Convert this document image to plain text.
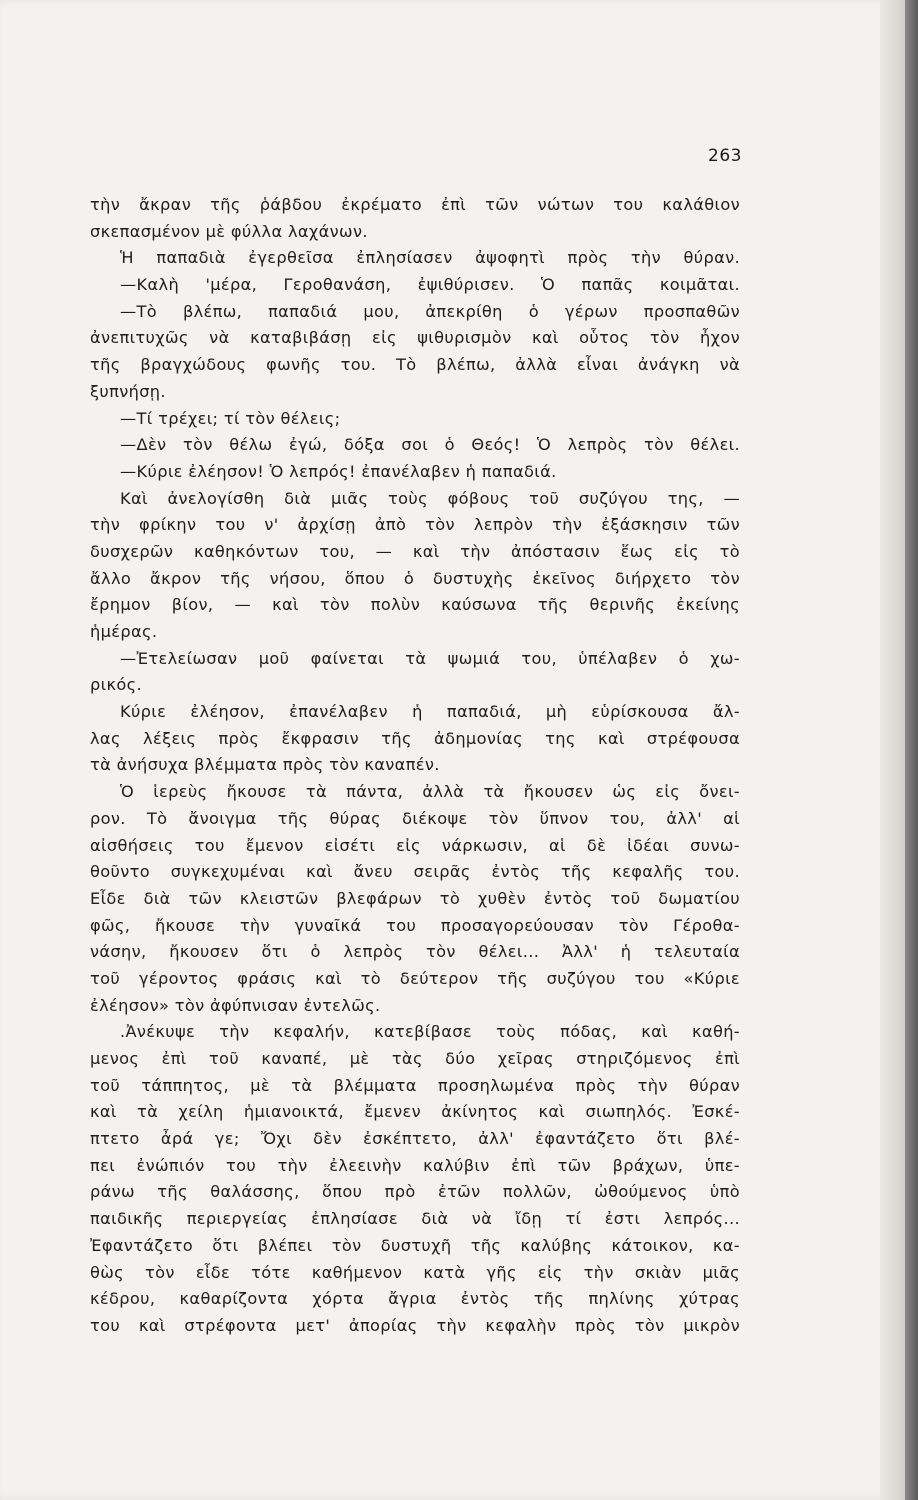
263
τὴν ἄκραν τῆς ῥάβδου ἐκρέματο ἐπὶ τῶν νώτων του καλάθιον
σκεπασμένον μὲ φύλλα λαχάνων.
Ἡ παπαδιὰ ἐγερθεῖσα ἐπλησίασεν ἀψοφητὶ πρὸς τὴν θύραν.
—Καλὴ 'μέρα, Γεροθανάση, ἐψιθύρισεν. Ὁ παπᾶς κοιμᾶται.
—Τὸ βλέπω, παπαδιά μου, ἀπεκρίθη ὁ γέρων προσπαθῶν
ἀνεπιτυχῶς νὰ καταβιβάσῃ εἰς ψιθυρισμὸν καὶ οὗτος τὸν ἦχον
τῆς βραγχώδους φωνῆς του. Τὸ βλέπω, ἀλλὰ εἶναι ἀνάγκη νὰ
ξυπνήσῃ.
—Τί τρέχει; τί τὸν θέλεις;
—Δὲν τὸν θέλω ἐγώ, δόξα σοι ὁ Θεός! Ὁ λεπρὸς τὸν θέλει.
—Κύριε ἐλέησον! Ὁ λεπρός! ἐπανέλαβεν ἡ παπαδιά.
Καὶ ἀνελογίσθη διὰ μιᾶς τοὺς φόβους τοῦ συζύγου της, —
τὴν φρίκην του ν' ἀρχίσῃ ἀπὸ τὸν λεπρὸν τὴν ἐξάσκησιν τῶν
δυσχερῶν καθηκόντων του, — καὶ τὴν ἀπόστασιν ἕως εἰς τὸ
ἄλλο ἄκρον τῆς νήσου, ὅπου ὁ δυστυχὴς ἐκεῖνος διήρχετο τὸν
ἔρημον βίον, — καὶ τὸν πολὺν καύσωνα τῆς θερινῆς ἐκείνης
ἡμέρας.
—Ἐτελείωσαν μοῦ φαίνεται τὰ ψωμιά του, ὑπέλαβεν ὁ χω-
ρικός.
Κύριε ἐλέησον, ἐπανέλαβεν ἡ παπαδιά, μὴ εὑρίσκουσα ἄλ-
λας λέξεις πρὸς ἔκφρασιν τῆς ἀδημονίας της καὶ στρέφουσα
τὰ ἀνήσυχα βλέμματα πρὸς τὸν καναπέν.
Ὁ ἱερεὺς ἤκουσε τὰ πάντα, ἀλλὰ τὰ ἤκουσεν ὡς εἰς ὄνει-
ρον. Τὸ ἄνοιγμα τῆς θύρας διέκοψε τὸν ὕπνον του, ἀλλ' αἱ
αἰσθήσεις του ἔμενον εἰσέτι εἰς νάρκωσιν, αἱ δὲ ἰδέαι συνω-
θοῦντο συγκεχυμέναι καὶ ἄνευ σειρᾶς ἐντὸς τῆς κεφαλῆς του.
Εἶδε διὰ τῶν κλειστῶν βλεφάρων τὸ χυθὲν ἐντὸς τοῦ δωματίου
φῶς, ἤκουσε τὴν γυναῖκά του προσαγορεύουσαν τὸν Γέροθα-
νάσην, ἤκουσεν ὅτι ὁ λεπρὸς τὸν θέλει... Ἀλλ' ἡ τελευταία
τοῦ γέροντος φράσις καὶ τὸ δεύτερον τῆς συζύγου του «Κύριε
ἐλέησον» τὸν ἀφύπνισαν ἐντελῶς.
.Ἀνέκυψε τὴν κεφαλήν, κατεβίβασε τοὺς πόδας, καὶ καθή-
μενος ἐπὶ τοῦ καναπέ, μὲ τὰς δύο χεῖρας στηριζόμενος ἐπὶ
τοῦ τάππητος, μὲ τὰ βλέμματα προσηλωμένα πρὸς τὴν θύραν
καὶ τὰ χείλη ἡμιανοικτά, ἔμενεν ἀκίνητος καὶ σιωπηλός. Ἐσκέ-
πτετο ἆρά γε; Ὄχι δὲν ἐσκέπτετο, ἀλλ' ἐφαντάζετο ὅτι βλέ-
πει ἐνώπιόν του τὴν ἐλεεινὴν καλύβιν ἐπὶ τῶν βράχων, ὑπε-
ράνω τῆς θαλάσσης, ὅπου πρὸ ἐτῶν πολλῶν, ὠθούμενος ὑπὸ
παιδικῆς περιεργείας ἐπλησίασε διὰ νὰ ἴδῃ τί ἐστι λεπρός...
Ἐφαντάζετο ὅτι βλέπει τὸν δυστυχῆ τῆς καλύβης κάτοικον, κα-
θὼς τὸν εἶδε τότε καθήμενον κατὰ γῆς εἰς τὴν σκιὰν μιᾶς
κέδρου, καθαρίζοντα χόρτα ἄγρια ἐντὸς τῆς πηλίνης χύτρας
του καὶ στρέφοντα μετ' ἀπορίας τὴν κεφαλὴν πρὸς τὸν μικρὸν
